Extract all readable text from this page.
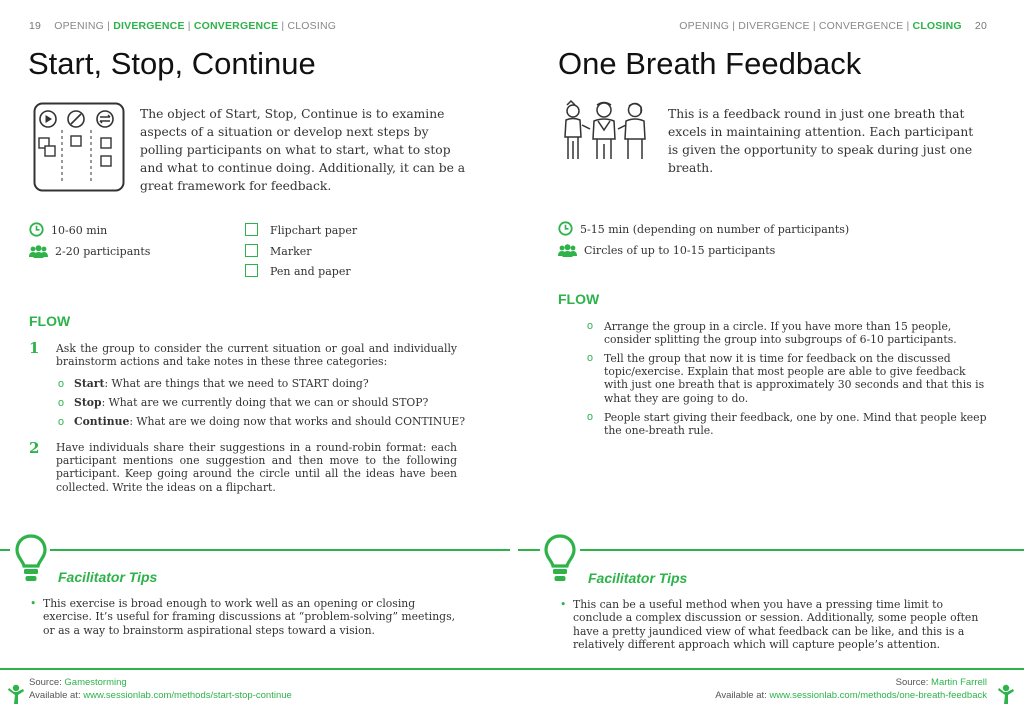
19 OPENING | DIVERGENCE | CONVERGENCE | CLOSING
Start, Stop, Continue
The object of Start, Stop, Continue is to examine aspects of a situation or develop next steps by polling participants on what to start, what to stop and what to continue doing. Additionally, it can be a great framework for feedback.
10-60 min
2-20 participants
Flipchart paper
Marker
Pen and paper
FLOW
1 Ask the group to consider the current situation or goal and individually brainstorm actions and take notes in these three categories:
o Start: What are things that we need to START doing?
o Stop: What are we currently doing that we can or should STOP?
o Continue: What are we doing now that works and should CONTINUE?
2 Have individuals share their suggestions in a round-robin format: each participant mentions one suggestion and then move to the following participant. Keep going around the circle until all the ideas have been collected. Write the ideas on a flipchart.
Facilitator Tips
• This exercise is broad enough to work well as an opening or closing exercise. It’s useful for framing discussions at “problem-solving” meetings, or as a way to brainstorm aspirational steps toward a vision.
OPENING | DIVERGENCE | CONVERGENCE | CLOSING 20
One Breath Feedback
This is a feedback round in just one breath that excels in maintaining attention. Each participant is given the opportunity to speak during just one breath.
5-15 min (depending on number of participants)
Circles of up to 10-15 participants
FLOW
o Arrange the group in a circle. If you have more than 15 people, consider splitting the group into subgroups of 6-10 participants.
o Tell the group that now it is time for feedback on the discussed topic/exercise. Explain that most people are able to give feedback with just one breath that is approximately 30 seconds and that this is what they are going to do.
o People start giving their feedback, one by one. Mind that people keep the one-breath rule.
Facilitator Tips
• This can be a useful method when you have a pressing time limit to conclude a complex discussion or session. Additionally, some people often have a pretty jaundiced view of what feedback can be like, and this is a relatively different approach which will capture people’s attention.
Source: Gamestorming
Available at: www.sessionlab.com/methods/start-stop-continue
Source: Martin Farrell
Available at: www.sessionlab.com/methods/one-breath-feedback
